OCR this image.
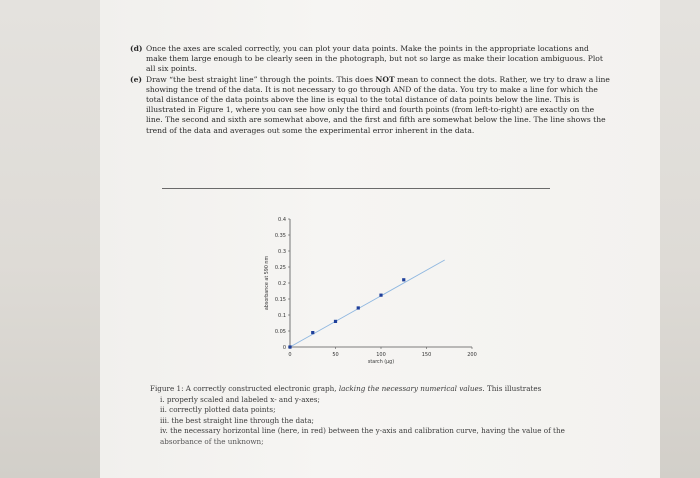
(d) Once the axes are scaled correctly, you can plot your data points. Make the points in the appropriate locations and make them large enough to be clearly seen in the photograph, but not so large as make their location ambiguous. Plot all six points.
(e) Draw “the best straight line” through the points. This does NOT mean to connect the dots. Rather, we try to draw a line showing the trend of the data. It is not necessary to go through AND of the data. You try to make a line for which the total distance of the data points above the line is equal to the total distance of data points below the line. This is illustrated in Figure 1, where you can see how only the third and fourth points (from left-to-right) are exactly on the line. The second and sixth are somewhat above, and the first and fifth are somewhat below the line. The line shows the trend of the data and averages out some the experimental error inherent in the data.
0
0.05
0.1
0.15
0.2
0.25
0.3
0.35
0.4
0	50	100	150	200
starch (µg)
absorbance at 590 nm
Figure 1: A correctly constructed electronic graph, lacking the necessary numerical values. This illustrates
i. properly scaled and labeled x- and y-axes;
ii. correctly plotted data points;
iii. the best straight line through the data;
iv. the necessary horizontal line (here, in red) between the y-axis and calibration curve, having the value of the
absorbance of the unknown;
